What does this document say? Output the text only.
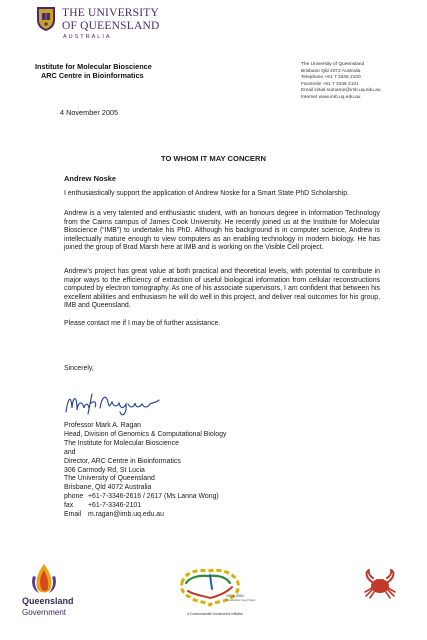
THE UNIVERSITY
OF QUEENSLAND
AUSTRALIA
Institute for Molecular Bioscience
ARC Centre in Bioinformatics
The University of Queensland
Brisbane Qld 4072 Australia
Telephone +61 7 3346 2100
Facsimile +61 7 3346 2101
Email initial.surname@imb.uq.edu.au
Internet www.imb.uq.edu.au
4 November 2005
TO WHOM IT MAY CONCERN
Andrew Noske
I enthusiastically support the application of Andrew Noske for a Smart State PhD Scholarship.
Andrew is a very talented and enthusiastic student, with an honours degree in Information Technology from the Cairns campus of James Cook University. He recently joined us at the Institute for Molecular Bioscience (“IMB”) to undertake his PhD. Although his background is in computer science, Andrew is intellectually mature enough to view computers as an enabling technology in modern biology. He has joined the group of Brad Marsh here at IMB and is working on the Visible Cell project.
Andrew’s project has great value at both practical and theoretical levels, with potential to contribute in major ways to the efficiency of extraction of useful biological information from cellular reconstructions computed by electron tomography. As one of his associate supervisors, I am confident that between his excellent abilities and enthusiasm he will do well in this project, and deliver real outcomes for his group, IMB and Queensland.
Please contact me if I may be of further assistance.
Sincerely,
Professor Mark A. Ragan
Head, Division of Genomics & Computational Biology
The Institute for Molecular Bioscience
and
Director, ARC Centre in Bioinformatics
306 Carmody Rd, St Lucia
The University of Queensland
Brisbane, Qld 4072 Australia
phone +61-7-3346-2616 / 2617 (Ms Lanna Wong)
fax	+61-7-3346-2101
Email m.ragan@imb.uq.edu.au
Queensland
Government
1901-2001
A Federation Year Project
A Commonwealth Government Initiative
